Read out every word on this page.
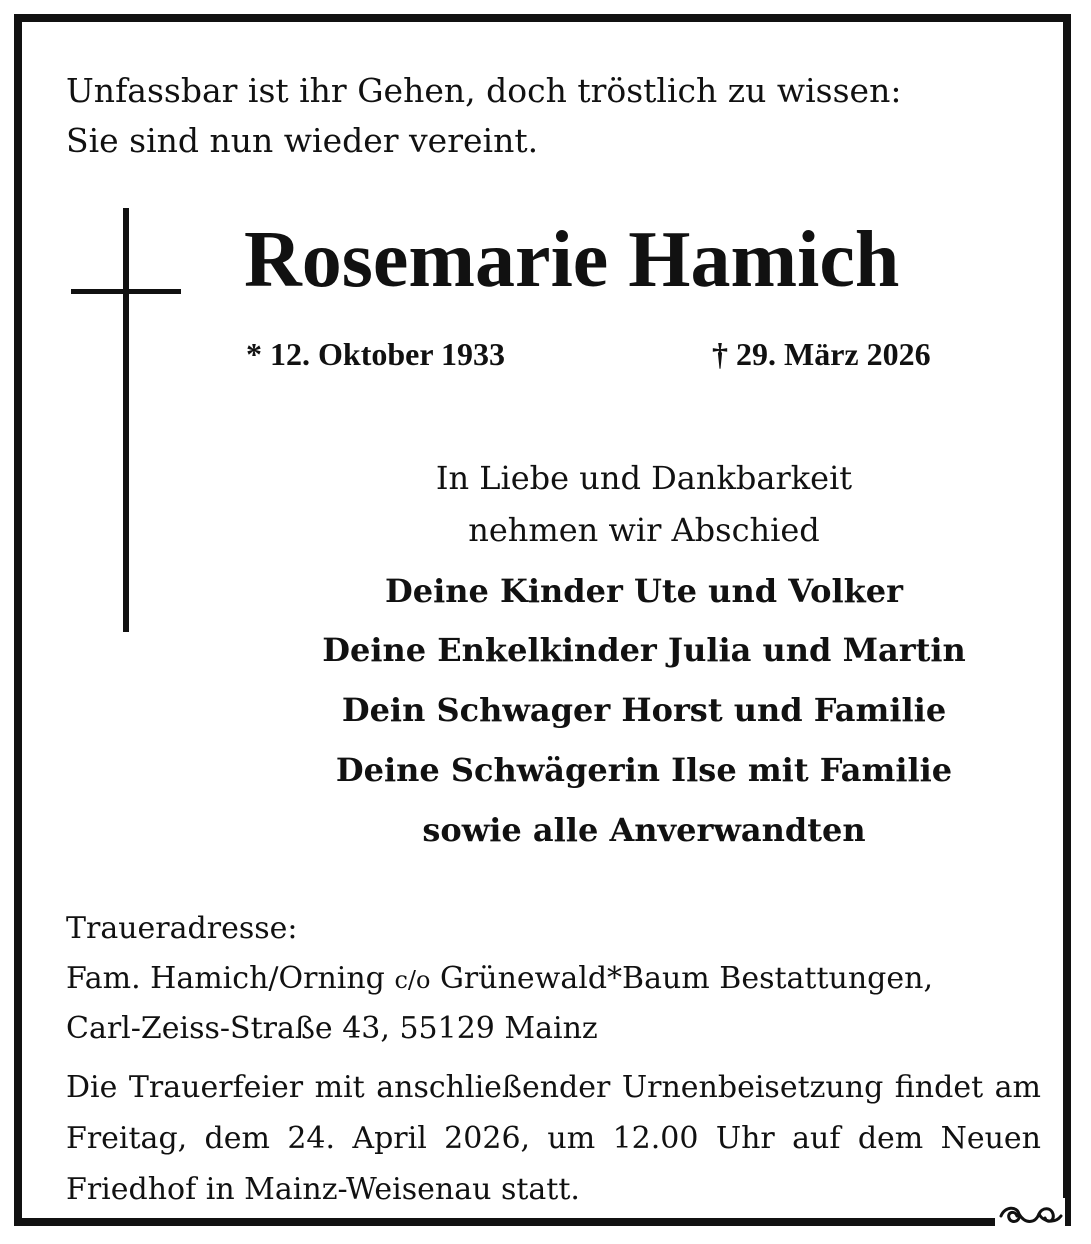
Unfassbar ist ihr Gehen, doch tröstlich zu wissen:
Sie sind nun wieder vereint.
Rosemarie Hamich
* 12. Oktober 1933	† 29. März 2026
In Liebe und Dankbarkeit
nehmen wir Abschied
Deine Kinder Ute und Volker
Deine Enkelkinder Julia und Martin
Dein Schwager Horst und Familie
Deine Schwägerin Ilse mit Familie
sowie alle Anverwandten
Traueradresse:
Fam. Hamich/Orning c/o Grünewald*Baum Bestattungen,
Carl-Zeiss-Straße 43, 55129 Mainz
Die Trauerfeier mit anschließender Urnenbeisetzung findet am Freitag, dem 24. April 2026, um 12.00 Uhr auf dem Neuen Friedhof in Mainz-Weisenau statt.
